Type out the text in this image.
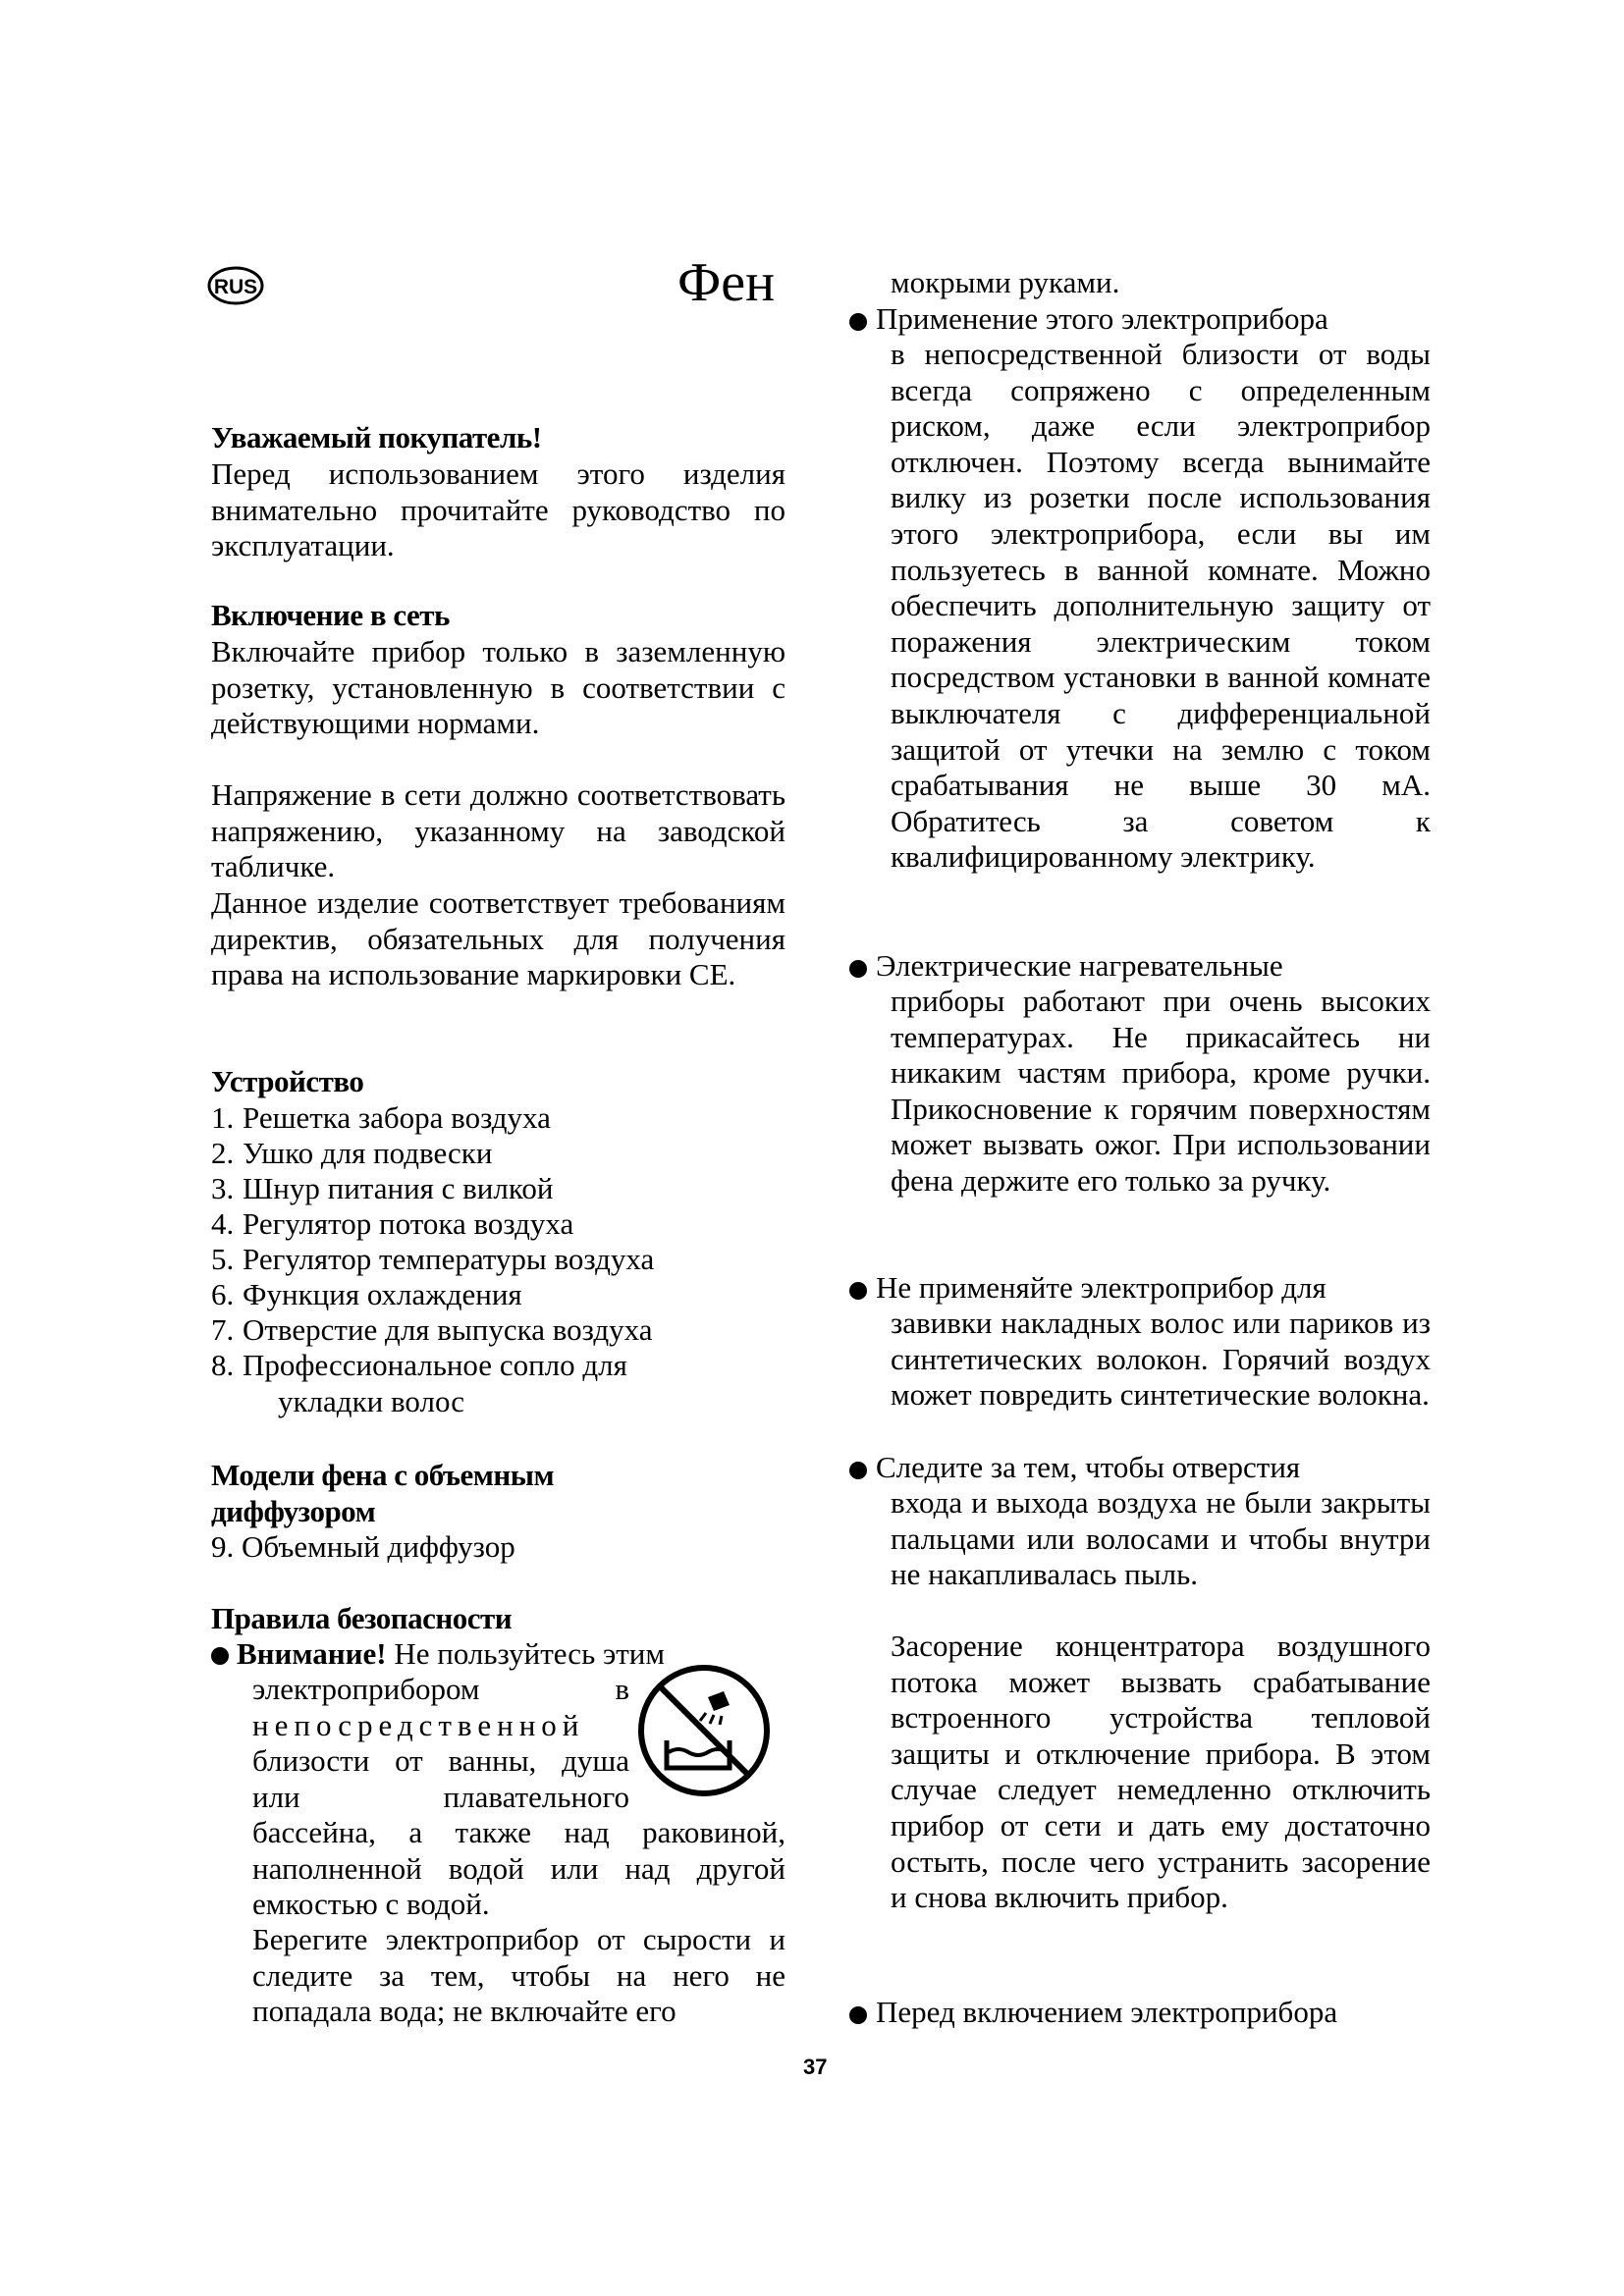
RUS	Фен
Уважаемый покупатель!
Перед использованием этого изделия внимательно прочитайте руководство по эксплуатации.
Включение в сеть
Включайте прибор только в заземленную розетку, установленную в соответствии с действующими нормами.
Напряжение в сети должно соответствовать напряжению, указанному на заводской табличке.
Данное изделие соответствует требованиям директив, обязательных для получения права на использование маркировки CE.
Устройство
1. Решетка забора воздуха
2. Ушко для подвески
3. Шнур питания с вилкой
4. Регулятор потока воздуха
5. Регулятор температуры воздуха
6. Функция охлаждения
7. Отверстие для выпуска воздуха
8. Профессиональное сопло для
укладки волос
Модели фена с объемным
диффузором
9. Объемный диффузор
Правила безопасности
Внимание! Не пользуйтесь этим
электроприбором в
непосредственной
близости от ванны, душа
или плавательного
бассейна, а также над раковиной, наполненной водой или над другой емкостью с водой.
Берегите электроприбор от сырости и следите за тем, чтобы на него не попадала вода; не включайте его
мокрыми руками.
Применение этого электроприбора
в непосредственной близости от воды всегда сопряжено с определенным риском, даже если электроприбор отключен. Поэтому всегда вынимайте вилку из розетки после использования этого электроприбора, если вы им пользуетесь в ванной комнате. Можно обеспечить дополнительную защиту от поражения электрическим током посредством установки в ванной комнате выключателя с дифференциальной защитой от утечки на землю с током срабатывания не выше 30 мА. Обратитесь за советом к квалифицированному электрику.
Электрические нагревательные
приборы работают при очень высоких температурах. Не прикасайтесь ни никаким частям прибора, кроме ручки. Прикосновение к горячим поверхностям может вызвать ожог. При использовании фена держите его только за ручку.
Не применяйте электроприбор для
завивки накладных волос или париков из синтетических волокон. Горячий воздух может повредить синтетические волокна.
Следите за тем, чтобы отверстия
входа и выхода воздуха не были закрыты пальцами или волосами и чтобы внутри не накапливалась пыль.
Засорение концентратора воздушного потока может вызвать срабатывание встроенного устройства тепловой защиты и отключение прибора. В этом случае следует немедленно отключить прибор от сети и дать ему достаточно остыть, после чего устранить засорение и снова включить прибор.
Перед включением электроприбора
37
